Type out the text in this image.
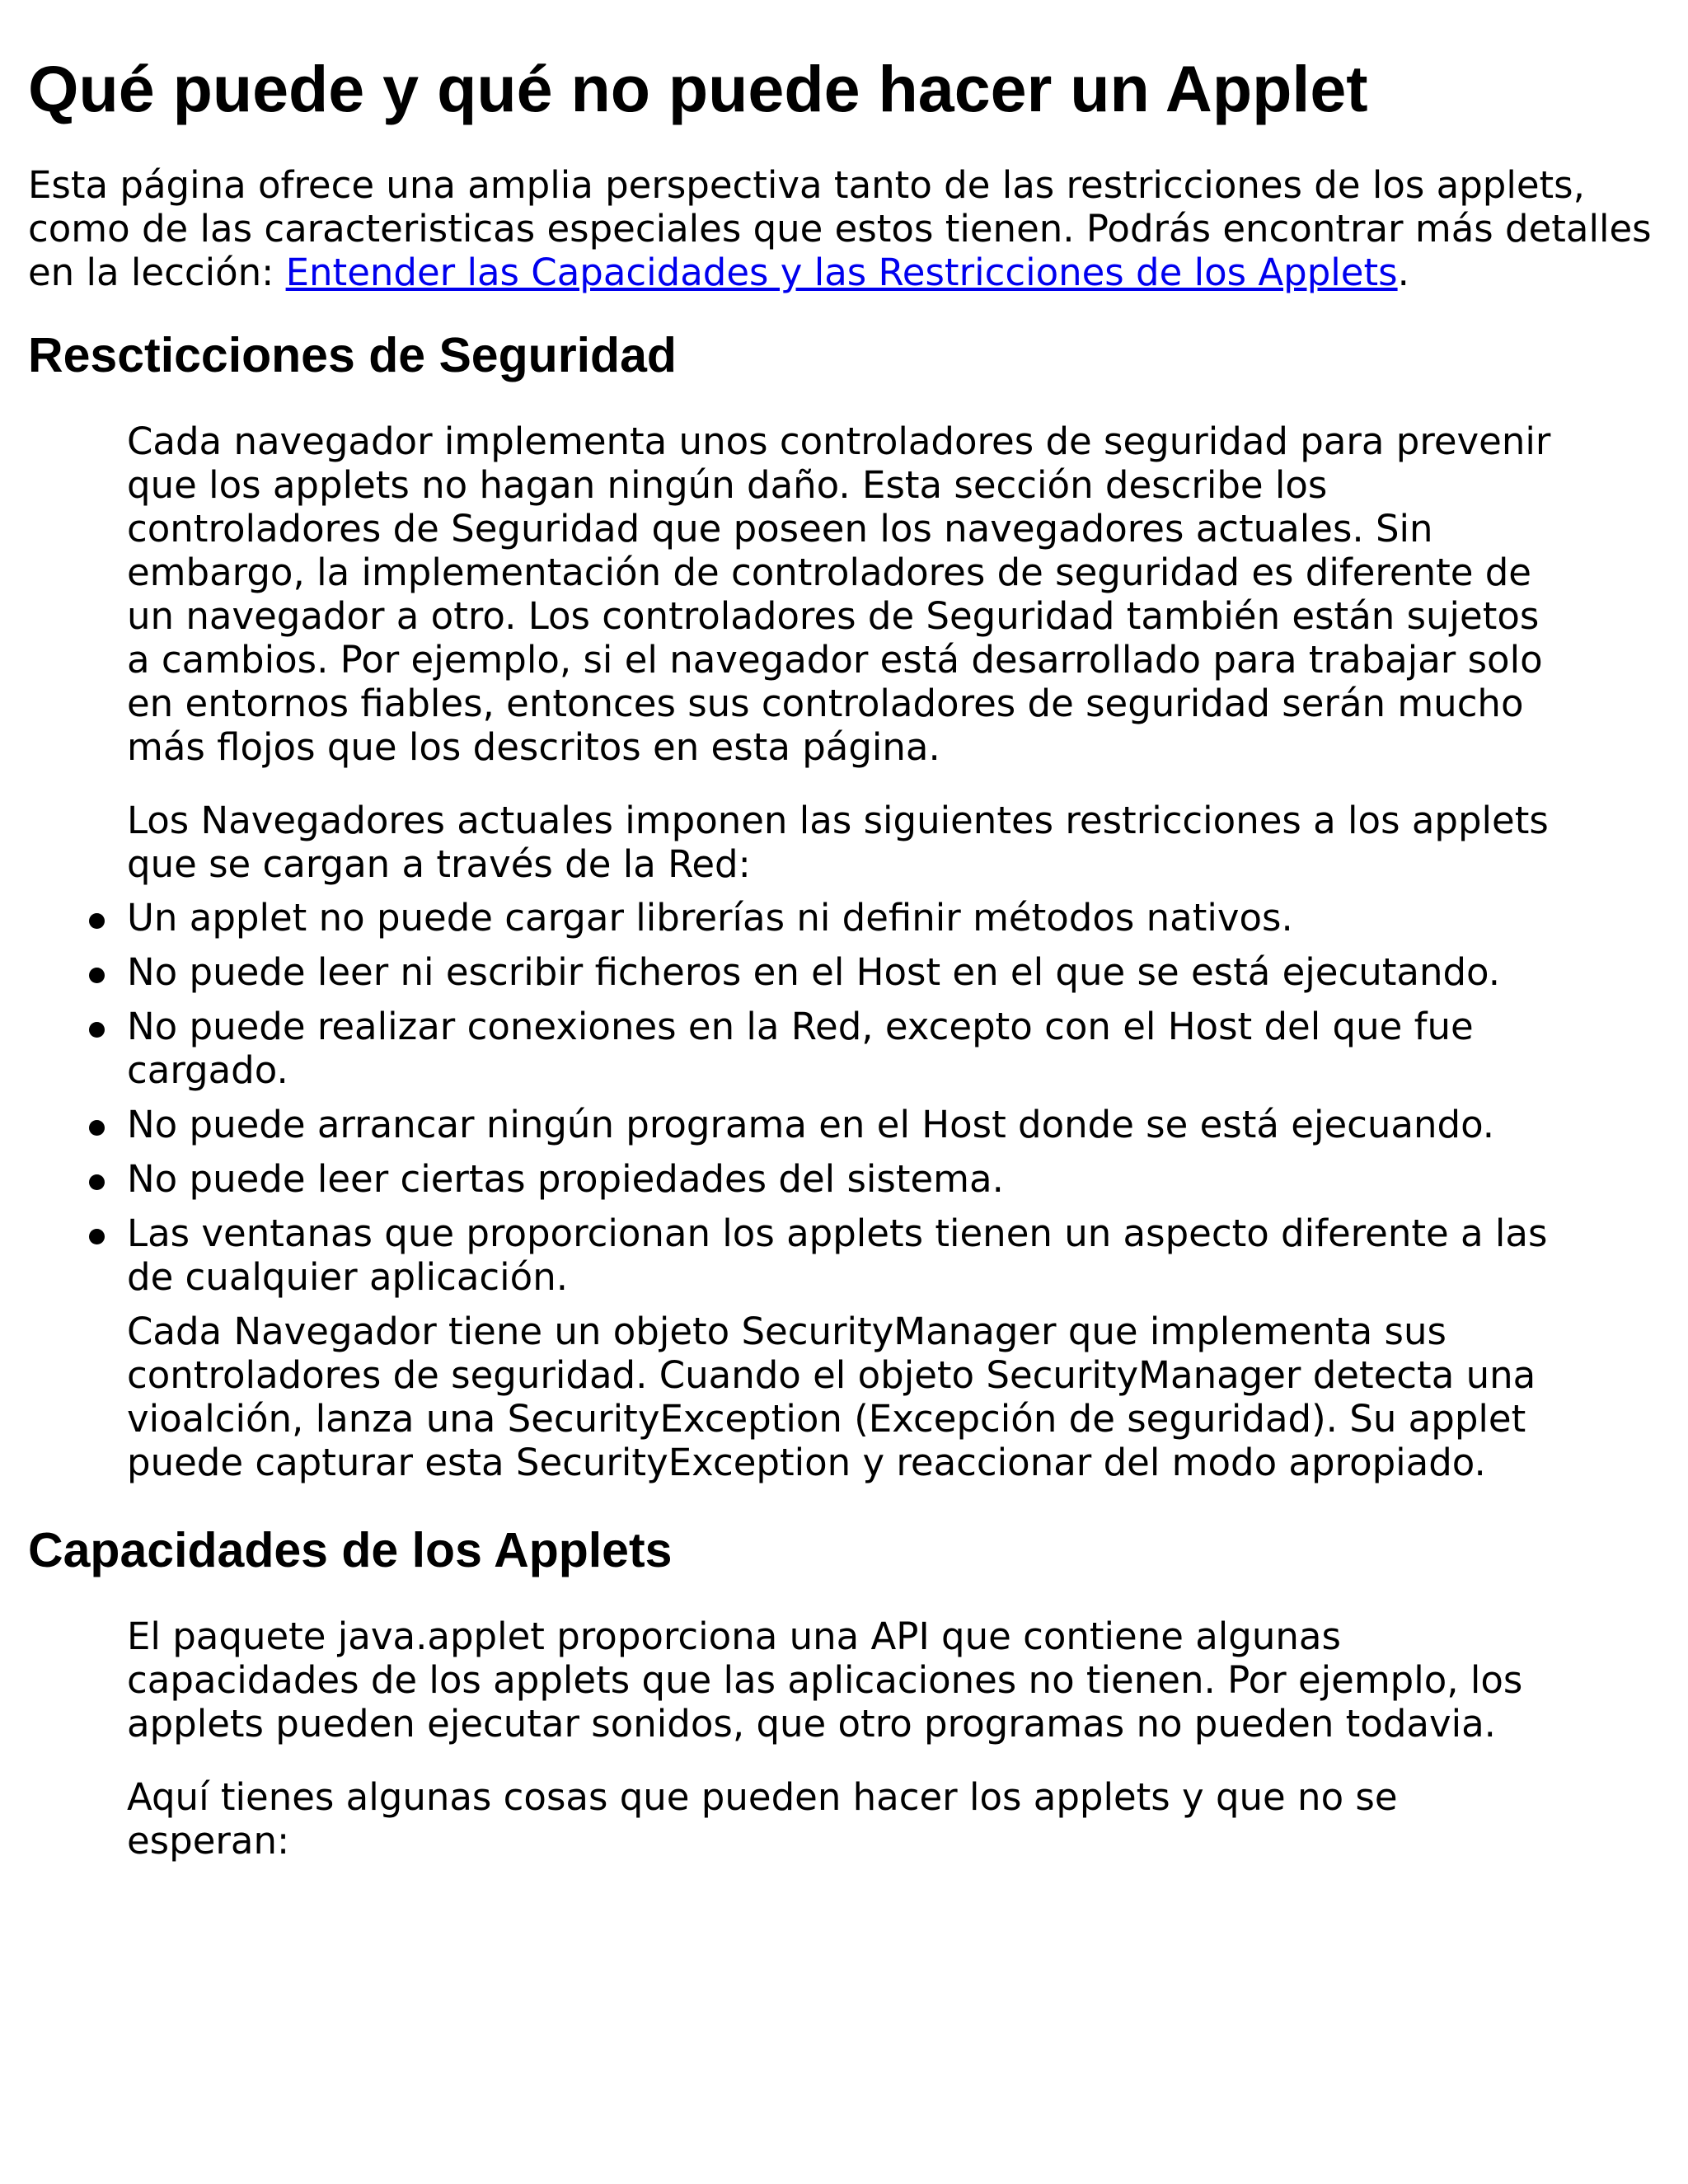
Qué puede y qué no puede hacer un Applet

Esta página ofrece una amplia perspectiva tanto de las restricciones de los applets, como de las caracteristicas especiales que estos tienen. Podrás encontrar más detalles en la lección: Entender las Capacidades y las Restricciones de los Applets.

Rescticciones de Seguridad

Cada navegador implementa unos controladores de seguridad para prevenir que los applets no hagan ningún daño. Esta sección describe los controladores de Seguridad que poseen los navegadores actuales. Sin embargo, la implementación de controladores de seguridad es diferente de un navegador a otro. Los controladores de Seguridad también están sujetos a cambios. Por ejemplo, si el navegador está desarrollado para trabajar solo en entornos fiables, entonces sus controladores de seguridad serán mucho más flojos que los descritos en esta página.

Los Navegadores actuales imponen las siguientes restricciones a los applets que se cargan a través de la Red:

Un applet no puede cargar librerías ni definir métodos nativos.
No puede leer ni escribir ficheros en el Host en el que se está ejecutando.
No puede realizar conexiones en la Red, excepto con el Host del que fue cargado.
No puede arrancar ningún programa en el Host donde se está ejecuando.
No puede leer ciertas propiedades del sistema.
Las ventanas que proporcionan los applets tienen un aspecto diferente a las de cualquier aplicación.

Cada Navegador tiene un objeto SecurityManager que implementa sus controladores de seguridad. Cuando el objeto SecurityManager detecta una vioalción, lanza una SecurityException (Excepción de seguridad). Su applet puede capturar esta SecurityException y reaccionar del modo apropiado.

Capacidades de los Applets

El paquete java.applet proporciona una API que contiene algunas capacidades de los applets que las aplicaciones no tienen. Por ejemplo, los applets pueden ejecutar sonidos, que otro programas no pueden todavia.

Aquí tienes algunas cosas que pueden hacer los applets y que no se esperan:
